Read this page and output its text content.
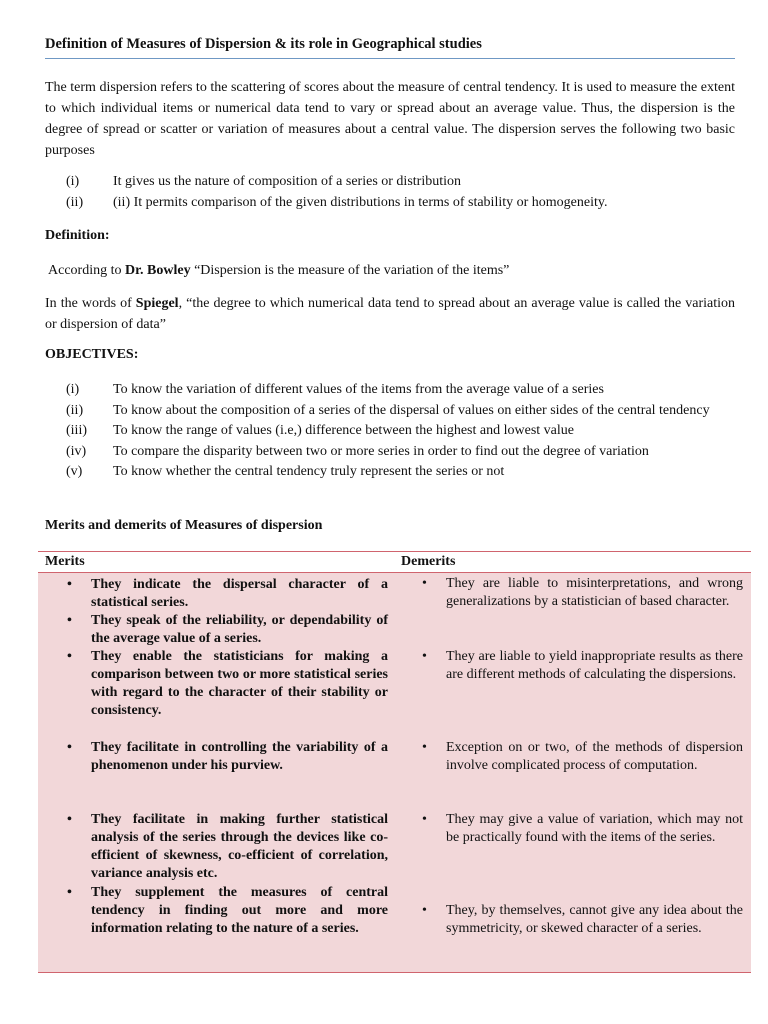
Definition of Measures of Dispersion & its role in Geographical studies

The term dispersion refers to the scattering of scores about the measure of central tendency. It is used to measure the extent to which individual items or numerical data tend to vary or spread about an average value. Thus, the dispersion is the degree of spread or scatter or variation of measures about a central value. The dispersion serves the following two basic purposes

(i) It gives us the nature of composition of a series or distribution
(ii) (ii) It permits comparison of the given distributions in terms of stability or homogeneity.
Definition:

According to Dr. Bowley “Dispersion is the measure of the variation of the items”

In the words of Spiegel, “the degree to which numerical data tend to spread about an average value is called the variation or dispersion of data”

OBJECTIVES:
(i) To know the variation of different values of the items from the average value of a series
(ii) To know about the composition of a series of the dispersal of values on either sides of the central tendency
(iii) To know the range of values (i.e,) difference between the highest and lowest value
(iv) To compare the disparity between two or more series in order to find out the degree of variation
(v) To know whether the central tendency truly represent the series or not
Merits and demerits of Measures of dispersion
Merits	Demerits
• They indicate the dispersal character of a statistical series.
• They speak of the reliability, or dependability of the average value of a series.
• They enable the statisticians for making a comparison between two or more statistical series with regard to the character of their stability or consistency.
• They facilitate in controlling the variability of a phenomenon under his purview.
• They facilitate in making further statistical analysis of the series through the devices like co-efficient of skewness, co-efficient of correlation, variance analysis etc.
• They supplement the measures of central tendency in finding out more and more information relating to the nature of a series.
• They are liable to misinterpretations, and wrong generalizations by a statistician of based character.
• They are liable to yield inappropriate results as there are different methods of calculating the dispersions.
• Exception on or two, of the methods of dispersion involve complicated process of computation.
• They may give a value of variation, which may not be practically found with the items of the series.
• They, by themselves, cannot give any idea about the symmetricity, or skewed character of a series.
